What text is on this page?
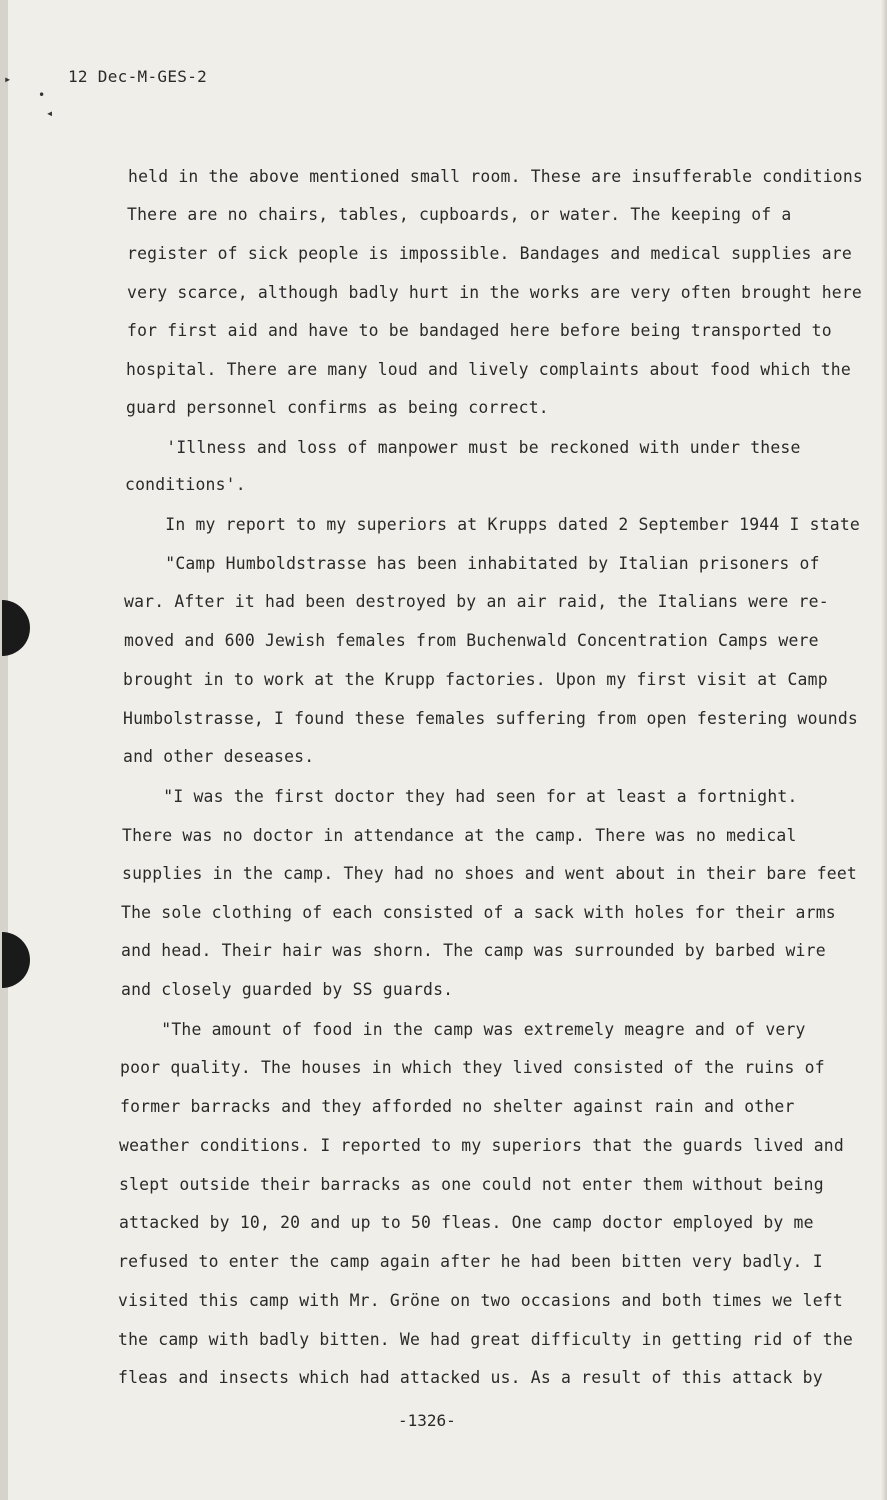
▸
•
◂
12 Dec-M-GES-2
held in the above mentioned small room. These are insufferable conditions
There are no chairs, tables, cupboards, or water. The keeping of a
register of sick people is impossible. Bandages and medical supplies are
very scarce, although badly hurt in the works are very often brought here
for first aid and have to be bandaged here before being transported to
hospital. There are many loud and lively complaints about food which the
guard personnel confirms as being correct.
'Illness and loss of manpower must be reckoned with under these
conditions'.
In my report to my superiors at Krupps dated 2 September 1944 I state
"Camp Humboldstrasse has been inhabitated by Italian prisoners of
war. After it had been destroyed by an air raid, the Italians were re-
moved and 600 Jewish females from Buchenwald Concentration Camps were
brought in to work at the Krupp factories. Upon my first visit at Camp
Humbolstrasse, I found these females suffering from open festering wounds
and other deseases.
"I was the first doctor they had seen for at least a fortnight.
There was no doctor in attendance at the camp. There was no medical
supplies in the camp. They had no shoes and went about in their bare feet
The sole clothing of each consisted of a sack with holes for their arms
and head. Their hair was shorn. The camp was surrounded by barbed wire
and closely guarded by SS guards.
"The amount of food in the camp was extremely meagre and of very
poor quality. The houses in which they lived consisted of the ruins of
former barracks and they afforded no shelter against rain and other
weather conditions. I reported to my superiors that the guards lived and
slept outside their barracks as one could not enter them without being
attacked by 10, 20 and up to 50 fleas. One camp doctor employed by me
refused to enter the camp again after he had been bitten very badly. I
visited this camp with Mr. Gröne on two occasions and both times we left
the camp with badly bitten. We had great difficulty in getting rid of the
fleas and insects which had attacked us. As a result of this attack by
-1326-
